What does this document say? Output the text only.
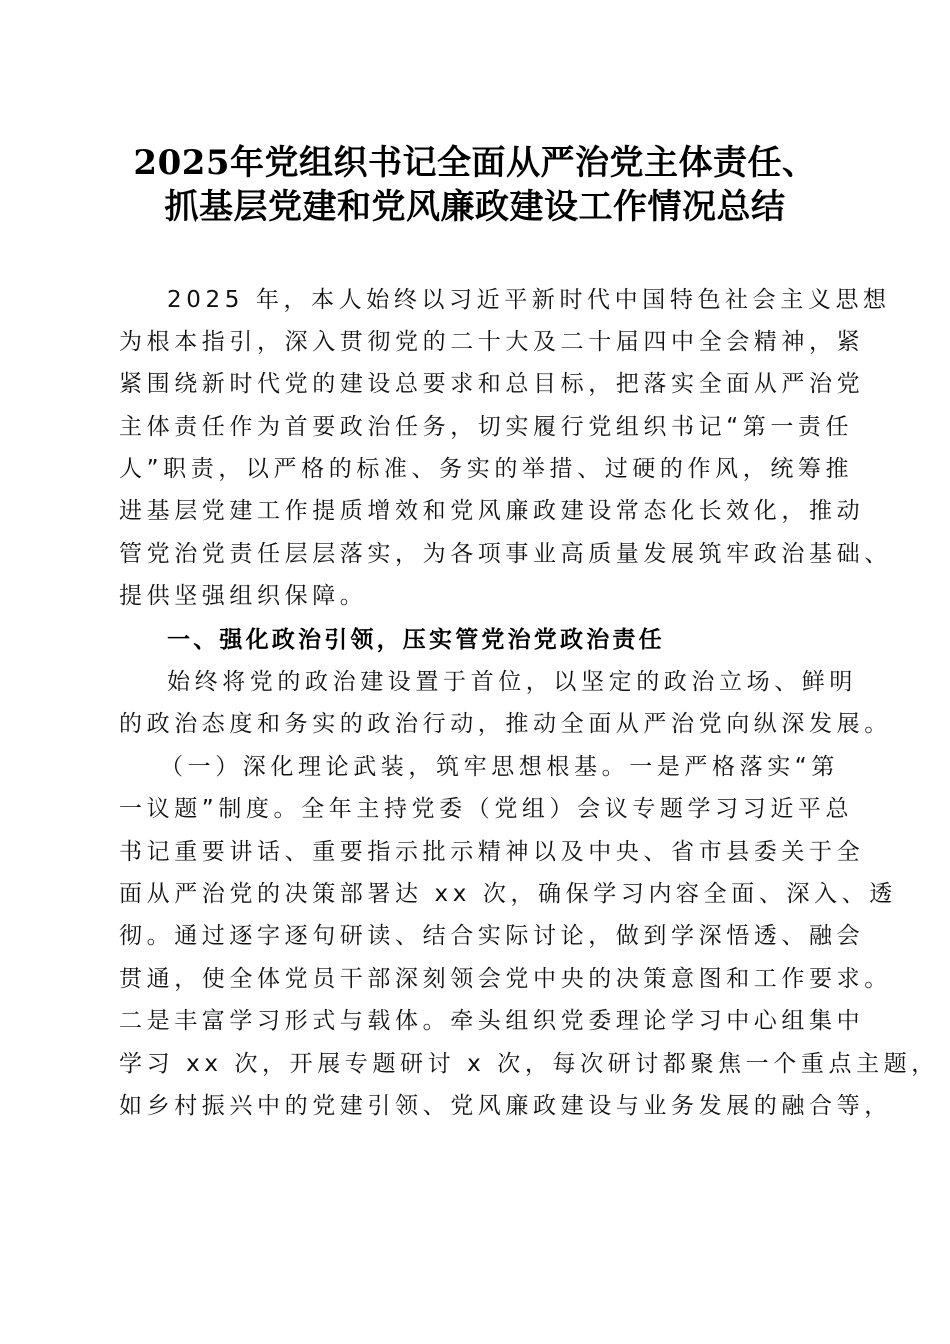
2025年党组织书记全面从严治党主体责任、
抓基层党建和党风廉政建设工作情况总结
2025 年，本人始终以习近平新时代中国特色社会主义思想
为根本指引，深入贯彻党的二十大及二十届四中全会精神，紧
紧围绕新时代党的建设总要求和总目标，把落实全面从严治党
主体责任作为首要政治任务，切实履行党组织书记“第一责任
人”职责，以严格的标准、务实的举措、过硬的作风，统筹推
进基层党建工作提质增效和党风廉政建设常态化长效化，推动
管党治党责任层层落实，为各项事业高质量发展筑牢政治基础、
提供坚强组织保障。
一、强化政治引领，压实管党治党政治责任
始终将党的政治建设置于首位，以坚定的政治立场、鲜明
的政治态度和务实的政治行动，推动全面从严治党向纵深发展。
（一）深化理论武装，筑牢思想根基。一是严格落实“第
一议题”制度。全年主持党委（党组）会议专题学习习近平总
书记重要讲话、重要指示批示精神以及中央、省市县委关于全
面从严治党的决策部署达 xx 次，确保学习内容全面、深入、透
彻。通过逐字逐句研读、结合实际讨论，做到学深悟透、融会
贯通，使全体党员干部深刻领会党中央的决策意图和工作要求。
二是丰富学习形式与载体。牵头组织党委理论学习中心组集中
学习 xx 次，开展专题研讨 x 次，每次研讨都聚焦一个重点主题，
如乡村振兴中的党建引领、党风廉政建设与业务发展的融合等，
